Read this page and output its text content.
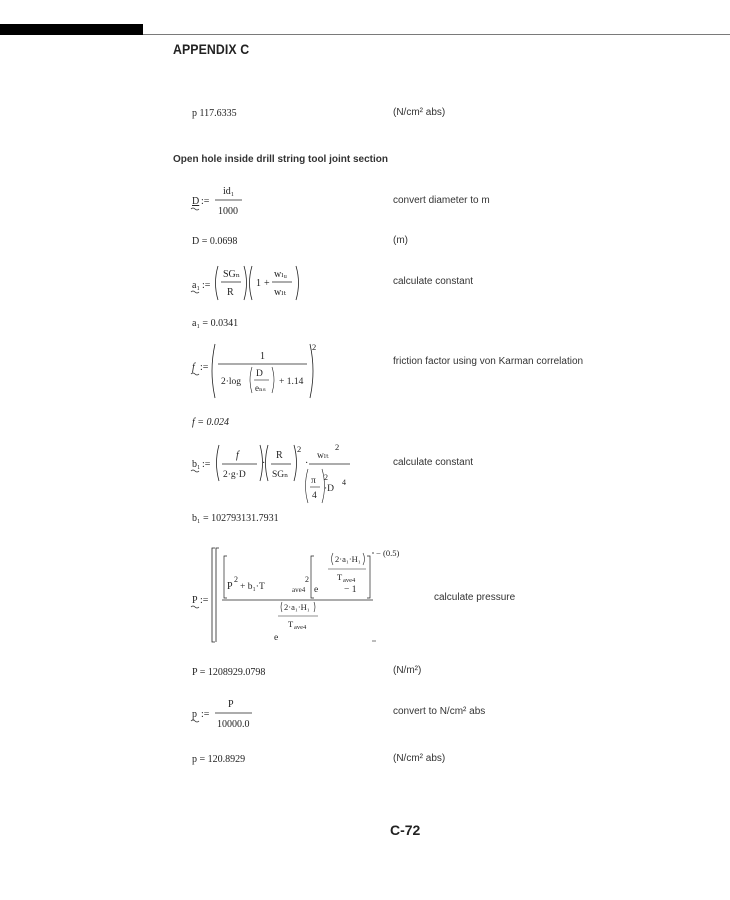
APPENDIX C
p 117.6335	(N/cm² abs)
Open hole inside drill string tool joint section
D :=
id₁
1000
convert diameter to m
D = 0.0698	(m)
a₁ :=
SGₙ
R
1 +
wₗᵤ
wₗₜ
calculate constant
a₁ = 0.0341
f :=
1
2·log
D
eₙₛ
+ 1.14
2
friction factor using von Karman correlation
f = 0.024
b₁ :=
f
2·g·D
·
R
SGₙ
2
·
wₗₜ
2
π
4
2
·D
4
calculate constant
b₁ = 102793131.7931
P :=
− (0.5)
P
2
+ b₁·T	ave4
2
e
2·a₁·H₁
T ave4
− 1
2·a₁·H₁
T ave4
e
calculate pressure
P = 1208929.0798	(N/m²)
p :=
P
10000.0
convert to N/cm² abs
p = 120.8929	(N/cm² abs)
C-72
